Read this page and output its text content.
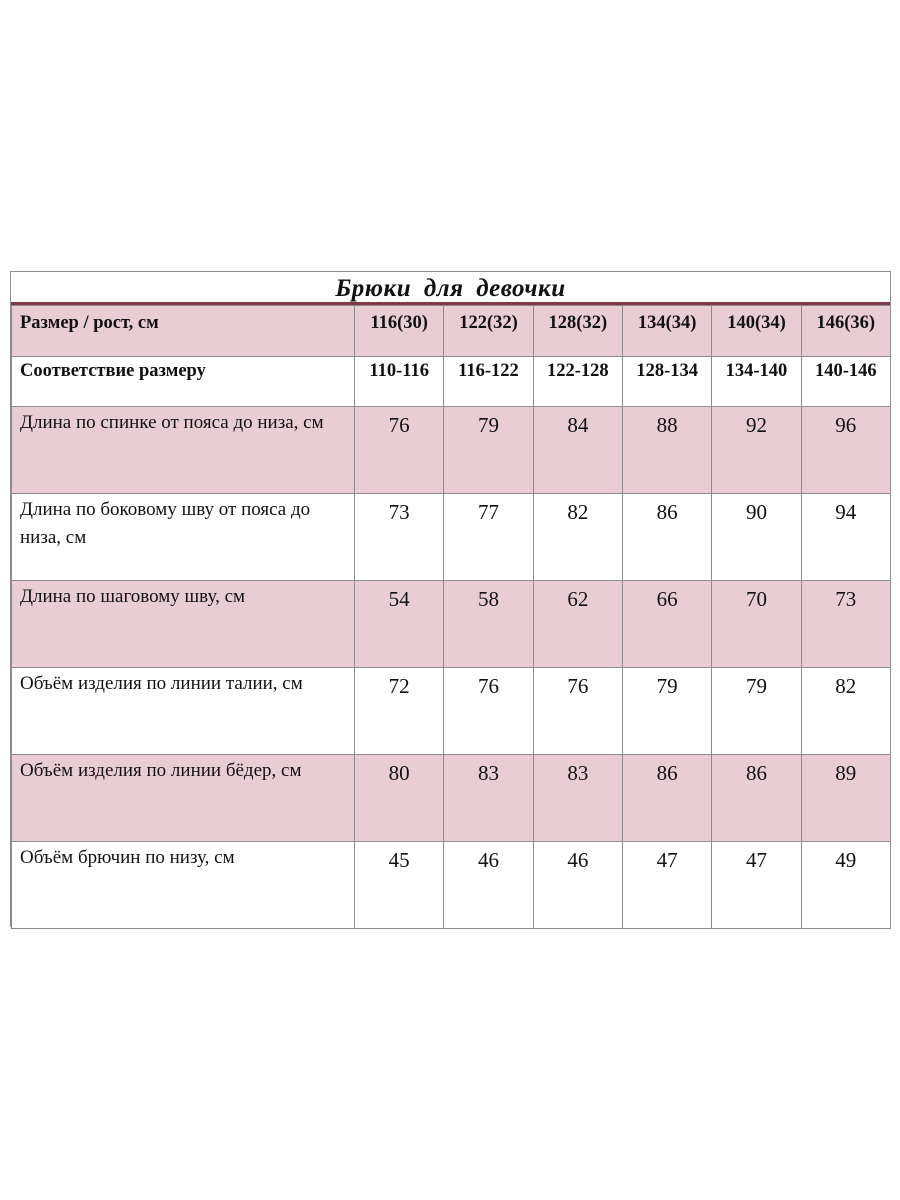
Брюки для девочки
Размер / рост, см	116(30)	122(32)	128(32)	134(34)	140(34)	146(36)

Соответствие размеру	110-116	116-122	122-128	128-134	134-140	140-146

Длина по спинке от пояса до низа, см	76	79	84	88	92	96

Длина по боковому шву от пояса до низа, см	73	77	82	86	90	94

Длина по шаговому шву, см	54	58	62	66	70	73

Объём изделия по линии талии, см	72	76	76	79	79	82

Объём изделия по линии бёдер, см	80	83	83	86	86	89

Объём брючин по низу, см	45	46	46	47	47	49
